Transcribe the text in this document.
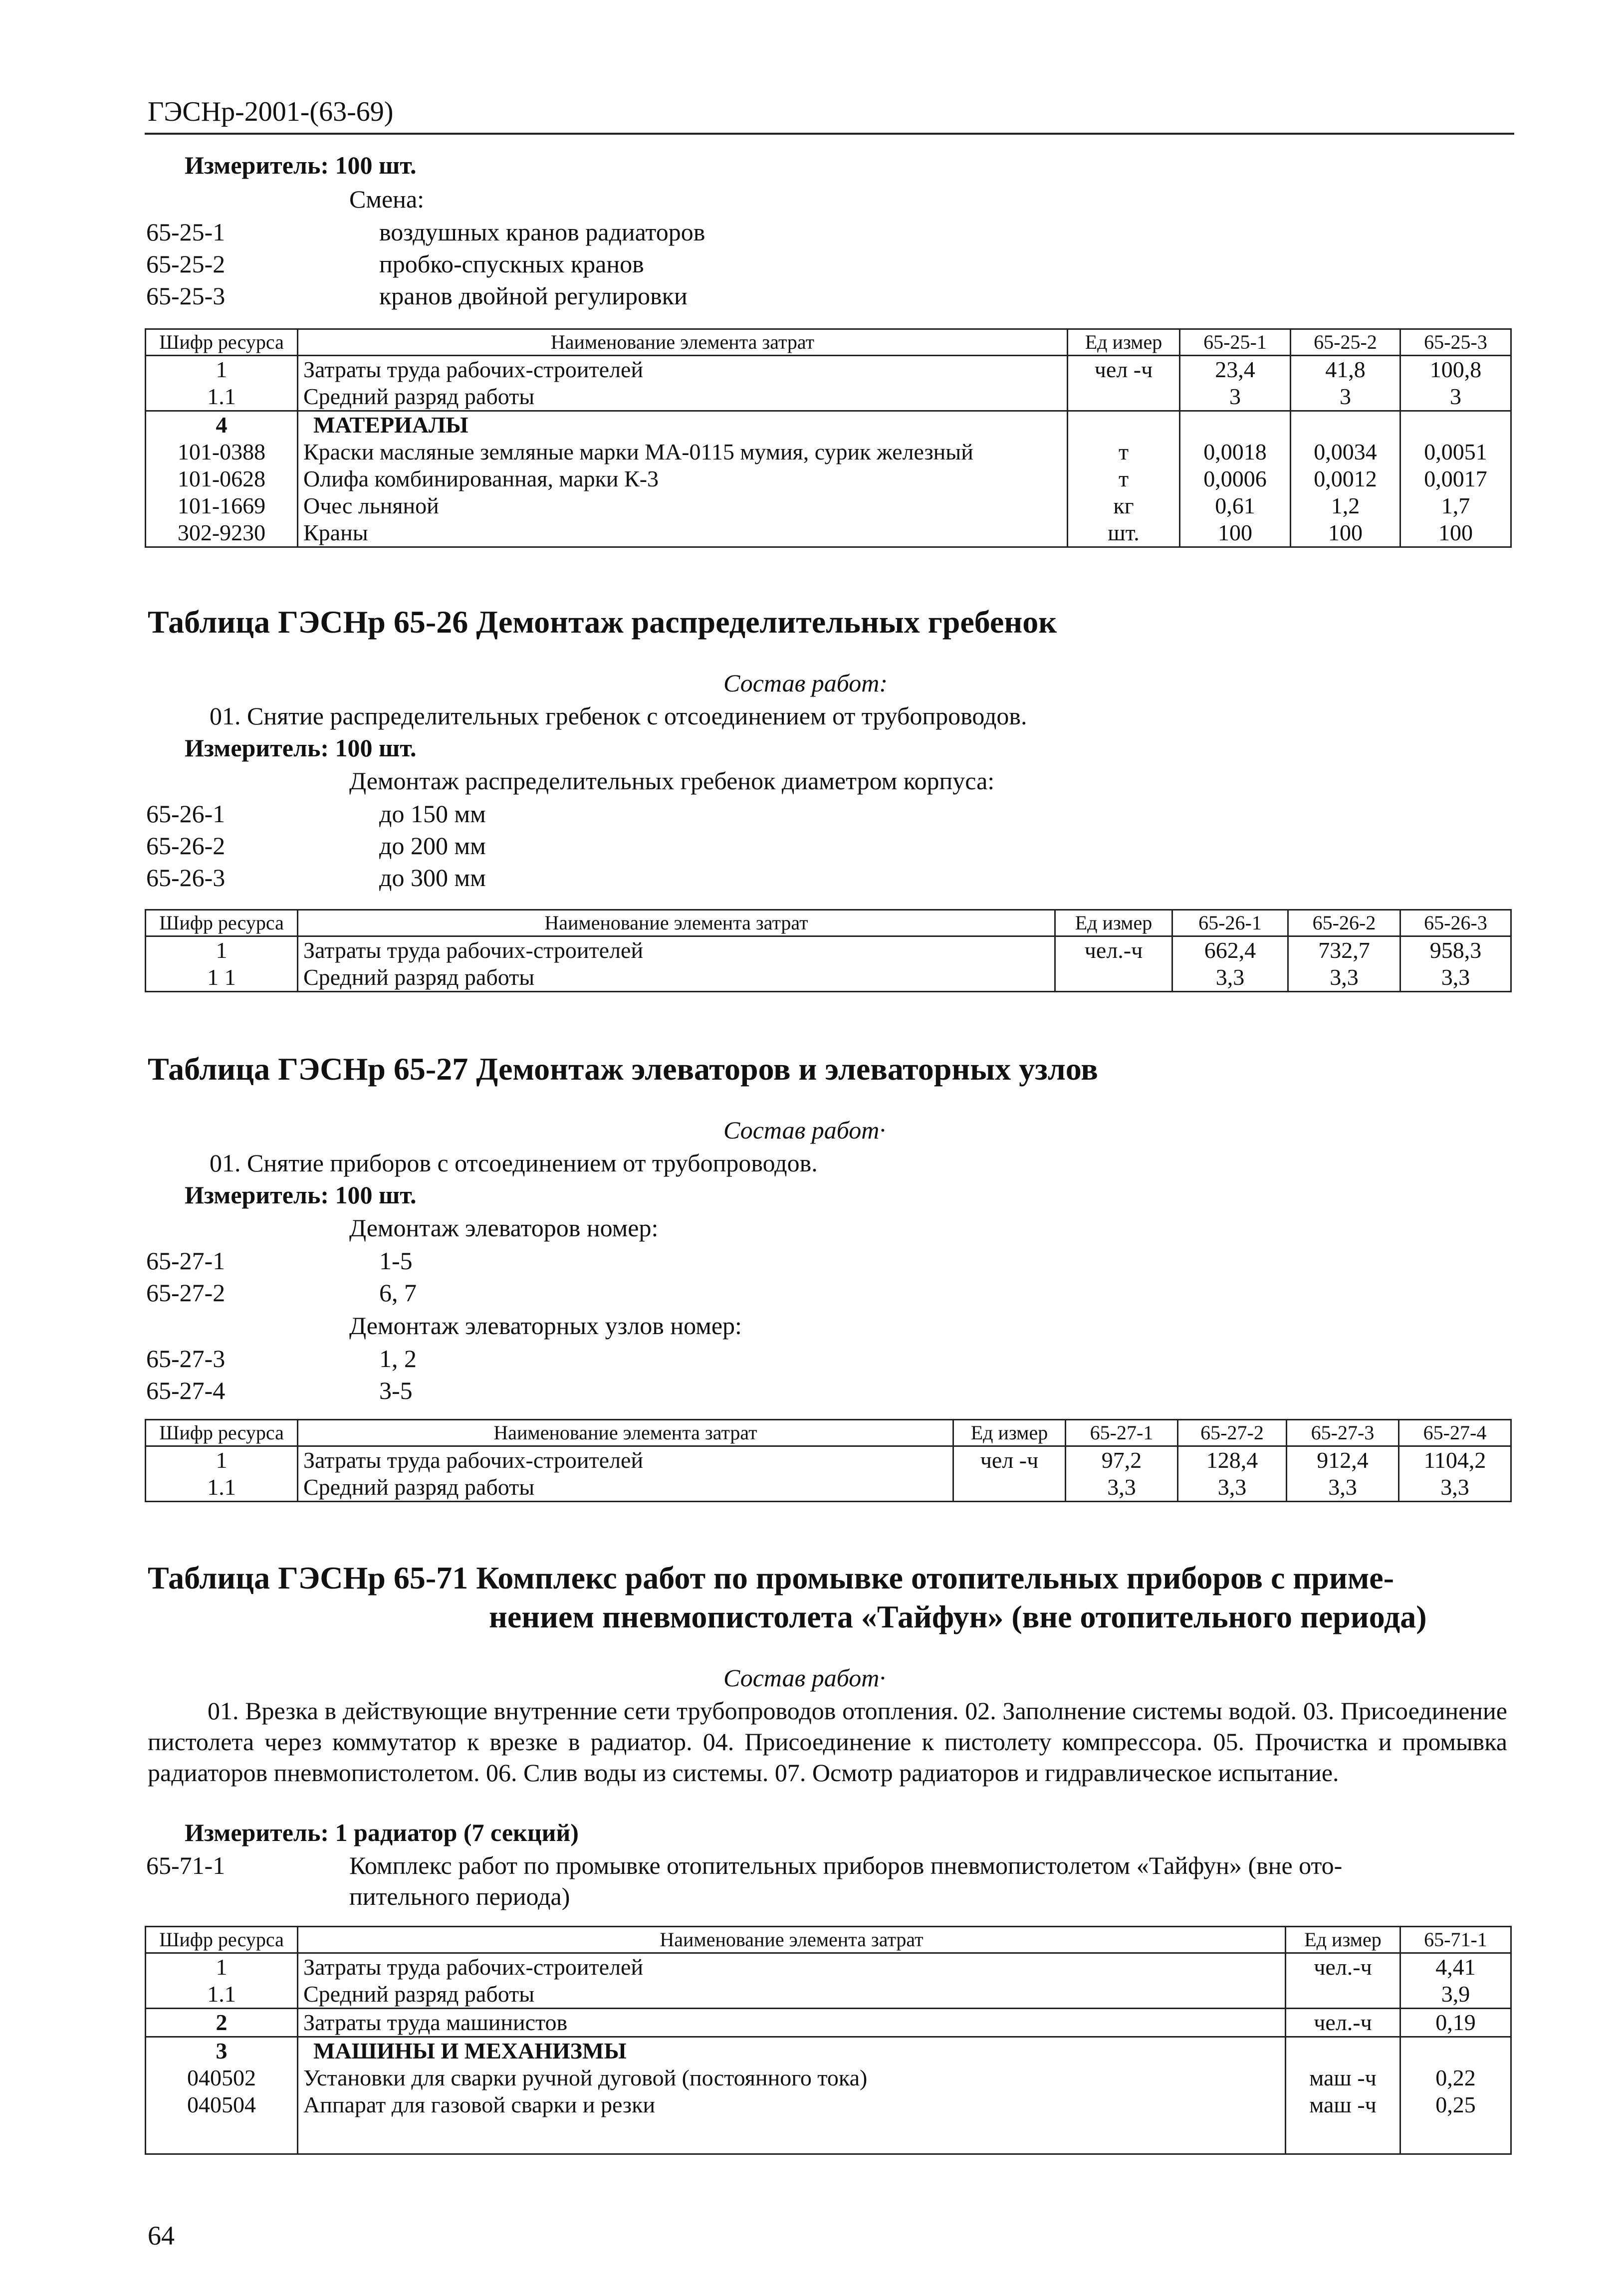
ГЭСНр-2001-(63-69)
Измеритель: 100 шт.
Смена:
65-25-1	воздушных кранов радиаторов
65-25-2	пробко-спускных кранов
65-25-3	кранов двойной регулировки
Шифр ресурса	Наименование элемента затрат	Ед измер	65-25-1	65-25-2	65-25-3
1	Затраты труда рабочих-строителей	чел -ч	23,4	41,8	100,8
1.1	Средний разряд работы		3	3	3
4	МАТЕРИАЛЫ				
101-0388	Краски масляные земляные марки МА-0115 мумия, сурик железный	т	0,0018	0,0034	0,0051
101-0628	Олифа комбинированная, марки К-3	т	0,0006	0,0012	0,0017
101-1669	Очес льняной	кг	0,61	1,2	1,7
302-9230	Краны	шт.	100	100	100
Таблица ГЭСНр 65-26 Демонтаж распределительных гребенок
Состав работ:
01. Снятие распределительных гребенок с отсоединением от трубопроводов.
Измеритель: 100 шт.
Демонтаж распределительных гребенок диаметром корпуса:
65-26-1	до 150 мм
65-26-2	до 200 мм
65-26-3	до 300 мм
Шифр ресурса	Наименование элемента затрат	Ед измер	65-26-1	65-26-2	65-26-3
1	Затраты труда рабочих-строителей	чел.-ч	662,4	732,7	958,3
1 1	Средний разряд работы		3,3	3,3	3,3
Таблица ГЭСНр 65-27 Демонтаж элеваторов и элеваторных узлов
Состав работ·
01. Снятие приборов с отсоединением от трубопроводов.
Измеритель: 100 шт.
Демонтаж элеваторов номер:
65-27-1	1-5
65-27-2	6, 7
Демонтаж элеваторных узлов номер:
65-27-3	1, 2
65-27-4	3-5
Шифр ресурса	Наименование элемента затрат	Ед измер	65-27-1	65-27-2	65-27-3	65-27-4
1	Затраты труда рабочих-строителей	чел -ч	97,2	128,4	912,4	1104,2
1.1	Средний разряд работы		3,3	3,3	3,3	3,3
Таблица ГЭСНр 65-71 Комплекс работ по промывке отопительных приборов с приме-
нением пневмопистолета «Тайфун» (вне отопительного периода)
Состав работ·
01. Врезка в действующие внутренние сети трубопроводов отопления. 02. Заполнение системы водой. 03. Присоединение пистолета через коммутатор к врезке в радиатор. 04. Присоединение к пистолету компрессора. 05. Прочистка и промывка радиаторов пневмопистолетом. 06. Слив воды из системы. 07. Осмотр радиаторов и гидравлическое испытание.
Измеритель: 1 радиатор (7 секций)
65-71-1	Комплекс работ по промывке отопительных приборов пневмопистолетом «Тайфун» (вне ото-
пительного периода)
Шифр ресурса	Наименование элемента затрат	Ед измер	65-71-1
1	Затраты труда рабочих-строителей	чел.-ч	4,41
1.1	Средний разряд работы		3,9
2	Затраты труда машинистов	чел.-ч	0,19
3	МАШИНЫ И МЕХАНИЗМЫ		
040502	Установки для сварки ручной дуговой (постоянного тока)	маш -ч	0,22
040504	Аппарат для газовой сварки и резки	маш -ч	0,25

64
